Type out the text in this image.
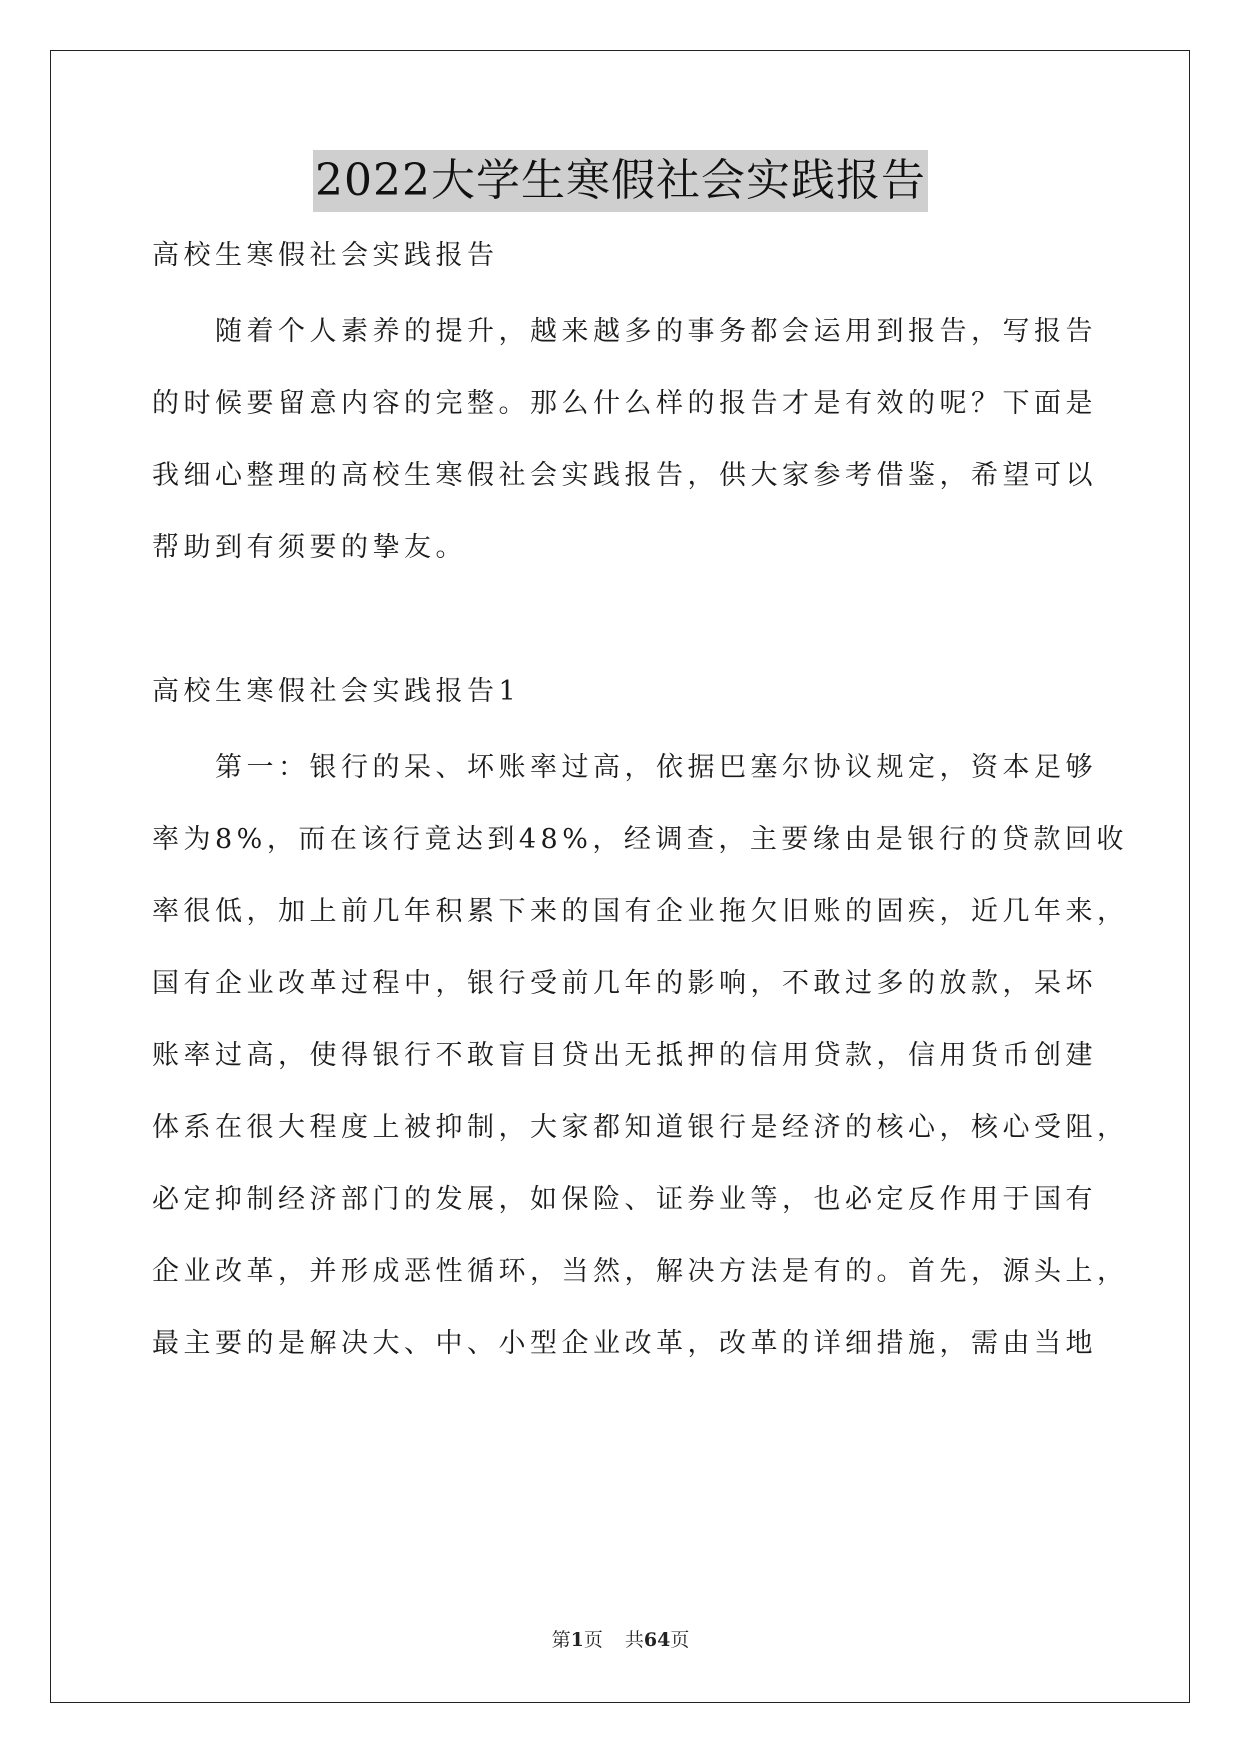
2022大学生寒假社会实践报告
高校生寒假社会实践报告
　　随着个人素养的提升，越来越多的事务都会运用到报告，写报告
的时候要留意内容的完整。那么什么样的报告才是有效的呢？下面是
我细心整理的高校生寒假社会实践报告，供大家参考借鉴，希望可以
帮助到有须要的挚友。
高校生寒假社会实践报告1
　　第一：银行的呆、坏账率过高，依据巴塞尔协议规定，资本足够
率为8%，而在该行竟达到48%，经调查，主要缘由是银行的贷款回收
率很低，加上前几年积累下来的国有企业拖欠旧账的固疾，近几年来，
国有企业改革过程中，银行受前几年的影响，不敢过多的放款，呆坏
账率过高，使得银行不敢盲目贷出无抵押的信用贷款，信用货币创建
体系在很大程度上被抑制，大家都知道银行是经济的核心，核心受阻，
必定抑制经济部门的发展，如保险、证券业等，也必定反作用于国有
企业改革，并形成恶性循环，当然，解决方法是有的。首先，源头上，
最主要的是解决大、中、小型企业改革，改革的详细措施，需由当地
第1页 共64页
